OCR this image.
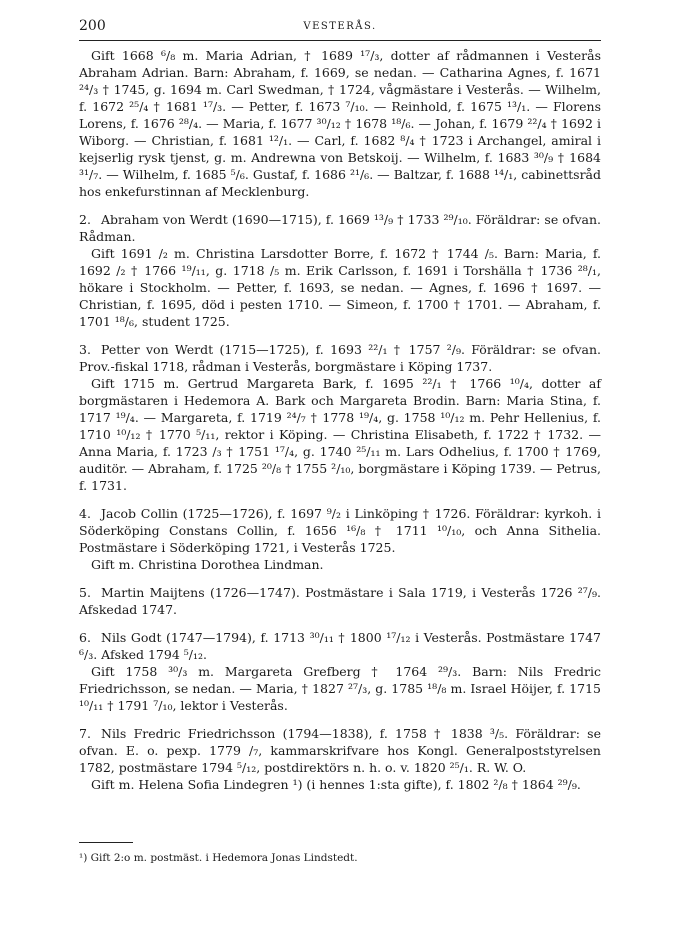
200	VESTERÅS.

Gift 1668 ⁶/₈ m. Maria Adrian, † 1689 ¹⁷/₃, dotter af rådmannen i Vesterås Abraham Adrian. Barn: Abraham, f. 1669, se nedan. — Catharina Agnes, f. 1671 ²⁴/₃ † 1745, g. 1694 m. Carl Swedman, † 1724, vågmästare i Vesterås. — Wilhelm, f. 1672 ²⁵/₄ † 1681 ¹⁷/₃. — Petter, f. 1673 ⁷/₁₀. — Reinhold, f. 1675 ¹³/₁. — Florens Lorens, f. 1676 ²⁸/₄. — Maria, f. 1677 ³⁰/₁₂ † 1678 ¹⁸/₆. — Johan, f. 1679 ²²/₄ † 1692 i Wiborg. — Christian, f. 1681 ¹²/₁. — Carl, f. 1682 ⁸/₄ † 1723 i Archangel, amiral i kejserlig rysk tjenst, g. m. Andrewna von Betskoij. — Wilhelm, f. 1683 ³⁰/₉ † 1684 ³¹/₇. — Wilhelm, f. 1685 ⁵/₆. Gustaf, f. 1686 ²¹/₆. — Baltzar, f. 1688 ¹⁴/₁, cabinettsråd hos enkefurstinnan af Mecklenburg.

2. Abraham von Werdt (1690—1715), f. 1669 ¹³/₉ † 1733 ²⁹/₁₀. Föräldrar: se ofvan. Rådman.

Gift 1691 /₂ m. Christina Larsdotter Borre, f. 1672 † 1744 /₅. Barn: Maria, f. 1692 /₂ † 1766 ¹⁹/₁₁, g. 1718 /₅ m. Erik Carlsson, f. 1691 i Torshälla † 1736 ²⁸/₁, hökare i Stockholm. — Petter, f. 1693, se nedan. — Agnes, f. 1696 † 1697. — Christian, f. 1695, död i pesten 1710. — Simeon, f. 1700 † 1701. — Abraham, f. 1701 ¹⁸/₆, student 1725.

3. Petter von Werdt (1715—1725), f. 1693 ²²/₁ † 1757 ²/₉. Föräldrar: se ofvan. Prov.-fiskal 1718, rådman i Vesterås, borgmästare i Köping 1737.

Gift 1715 m. Gertrud Margareta Bark, f. 1695 ²²/₁ † 1766 ¹⁰/₄, dotter af borgmästaren i Hedemora A. Bark och Margareta Brodin. Barn: Maria Stina, f. 1717 ¹⁹/₄. — Margareta, f. 1719 ²⁴/₇ † 1778 ¹⁹/₄, g. 1758 ¹⁰/₁₂ m. Pehr Hellenius, f. 1710 ¹⁰/₁₂ † 1770 ⁵/₁₁, rektor i Köping. — Christina Elisabeth, f. 1722 † 1732. — Anna Maria, f. 1723 /₃ † 1751 ¹⁷/₄, g. 1740 ²⁵/₁₁ m. Lars Odhelius, f. 1700 † 1769, auditör. — Abraham, f. 1725 ²⁰/₈ † 1755 ²/₁₀, borgmästare i Köping 1739. — Petrus, f. 1731.

4. Jacob Collin (1725—1726), f. 1697 ⁹/₂ i Linköping † 1726. Föräldrar: kyrkoh. i Söderköping Constans Collin, f. 1656 ¹⁶/₈ † 1711 ¹⁰/₁₀, och Anna Sithelia. Postmästare i Söderköping 1721, i Vesterås 1725.

Gift m. Christina Dorothea Lindman.

5. Martin Maijtens (1726—1747). Postmästare i Sala 1719, i Vesterås 1726 ²⁷/₉. Afskedad 1747.

6. Nils Godt (1747—1794), f. 1713 ³⁰/₁₁ † 1800 ¹⁷/₁₂ i Vesterås. Postmästare 1747 ⁶/₃. Afsked 1794 ⁵/₁₂.

Gift 1758 ³⁰/₃ m. Margareta Grefberg † 1764 ²⁹/₃. Barn: Nils Fredric Friedrichsson, se nedan. — Maria, † 1827 ²⁷/₃, g. 1785 ¹⁸/₈ m. Israel Höijer, f. 1715 ¹⁰/₁₁ † 1791 ⁷/₁₀, lektor i Vesterås.

7. Nils Fredric Friedrichsson (1794—1838), f. 1758 † 1838 ³/₅. Föräldrar: se ofvan. E. o. pexp. 1779 /₇, kammarskrifvare hos Kongl. Generalpoststyrelsen 1782, postmästare 1794 ⁵/₁₂, postdirektörs n. h. o. v. 1820 ²⁵/₁. R. W. O.

Gift m. Helena Sofia Lindegren ¹) (i hennes 1:sta gifte), f. 1802 ²/₈ † 1864 ²⁹/₉.

¹) Gift 2:o m. postmäst. i Hedemora Jonas Lindstedt.
